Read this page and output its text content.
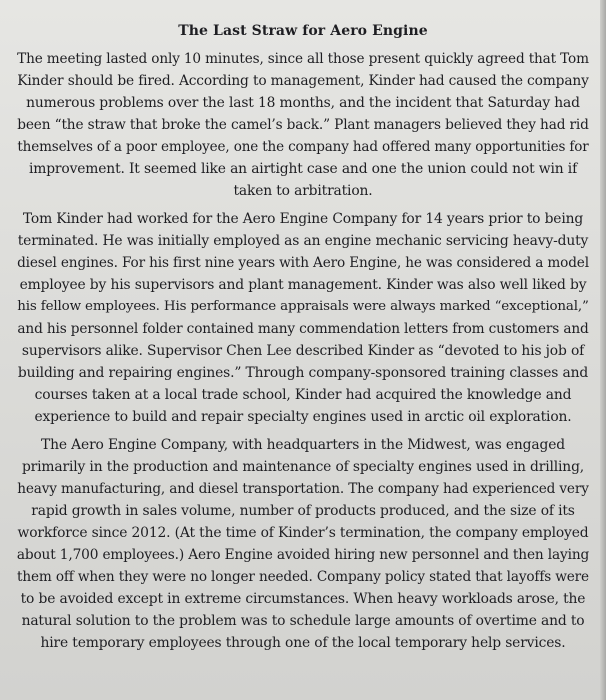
The Last Straw for Aero Engine
The meeting lasted only 10 minutes, since all those present quickly agreed that Tom
Kinder should be fired. According to management, Kinder had caused the company
numerous problems over the last 18 months, and the incident that Saturday had
been “the straw that broke the camel’s back.” Plant managers believed they had rid
themselves of a poor employee, one the company had offered many opportunities for
improvement. It seemed like an airtight case and one the union could not win if
taken to arbitration.
Tom Kinder had worked for the Aero Engine Company for 14 years prior to being
terminated. He was initially employed as an engine mechanic servicing heavy-duty
diesel engines. For his first nine years with Aero Engine, he was considered a model
employee by his supervisors and plant management. Kinder was also well liked by
his fellow employees. His performance appraisals were always marked “exceptional,”
and his personnel folder contained many commendation letters from customers and
supervisors alike. Supervisor Chen Lee described Kinder as “devoted to his job of
building and repairing engines.” Through company-sponsored training classes and
courses taken at a local trade school, Kinder had acquired the knowledge and
experience to build and repair specialty engines used in arctic oil exploration.
The Aero Engine Company, with headquarters in the Midwest, was engaged
primarily in the production and maintenance of specialty engines used in drilling,
heavy manufacturing, and diesel transportation. The company had experienced very
rapid growth in sales volume, number of products produced, and the size of its
workforce since 2012. (At the time of Kinder’s termination, the company employed
about 1,700 employees.) Aero Engine avoided hiring new personnel and then laying
them off when they were no longer needed. Company policy stated that layoffs were
to be avoided except in extreme circumstances. When heavy workloads arose, the
natural solution to the problem was to schedule large amounts of overtime and to
hire temporary employees through one of the local temporary help services.
